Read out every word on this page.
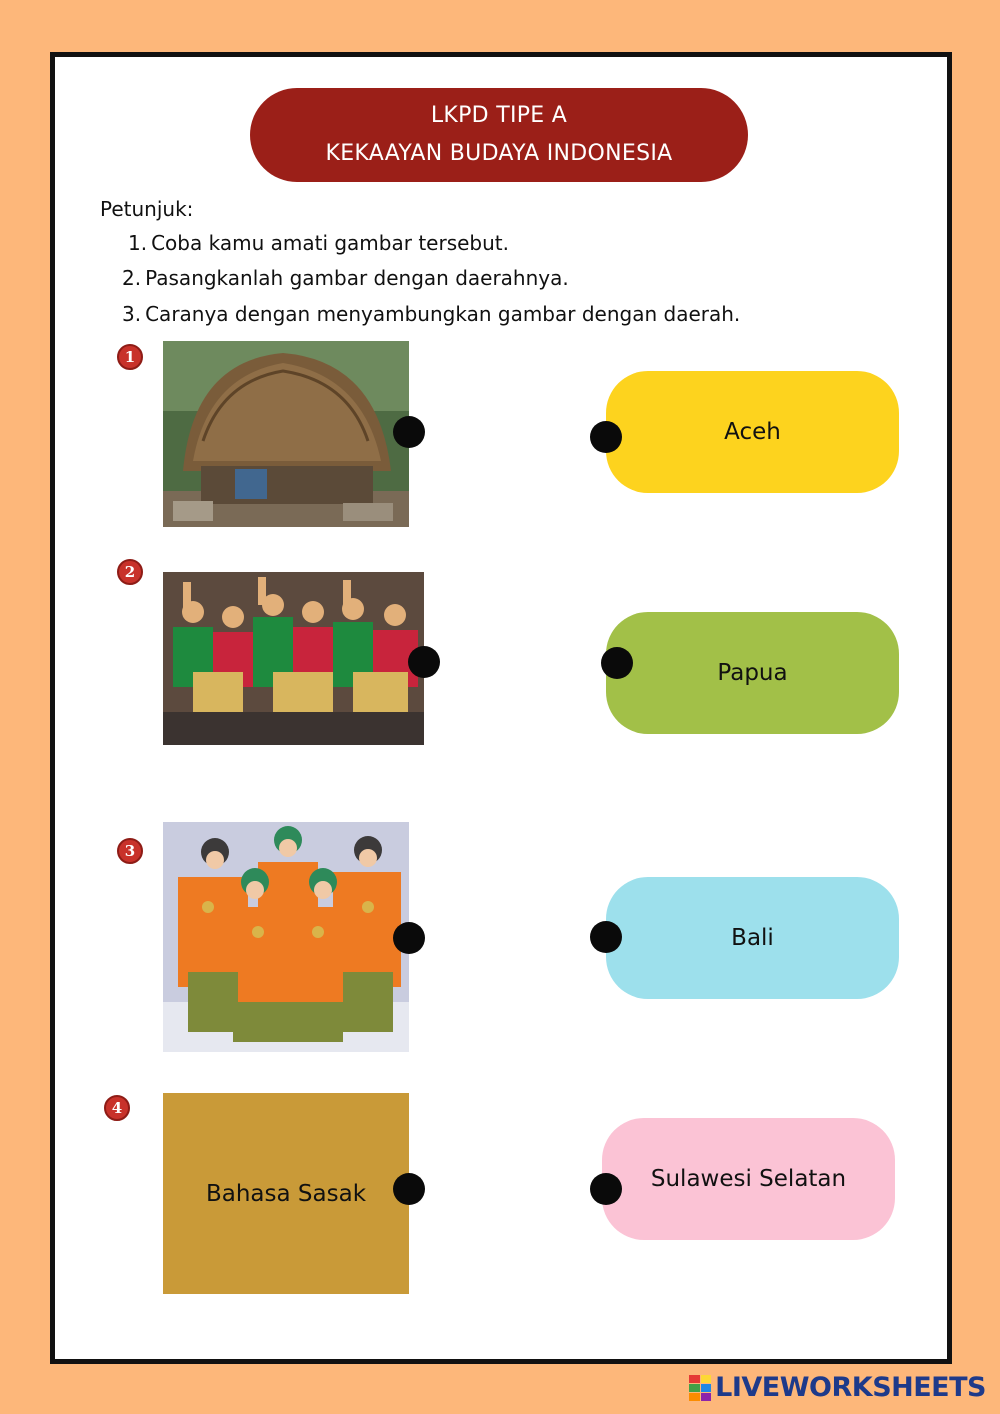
LKPD TIPE A
KEKAAYAN BUDAYA INDONESIA
Petunjuk:
1. Coba kamu amati gambar tersebut.
2. Pasangkanlah gambar dengan daerahnya.
3. Caranya dengan menyambungkan gambar dengan daerah.
1
2
3
4
Bahasa Sasak
Aceh
Papua
Bali
Sulawesi Selatan
LIVEWORKSHEETS
